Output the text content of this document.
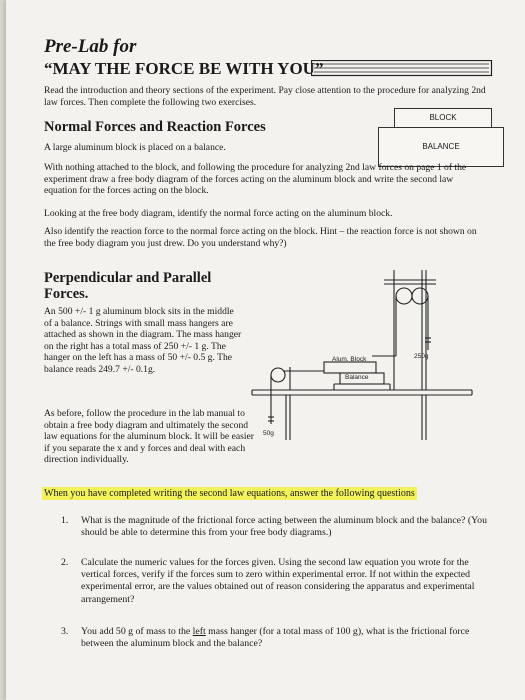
Pre-Lab for
“MAY THE FORCE BE WITH YOU”
Read the introduction and theory sections of the experiment. Pay close attention to the procedure for analyzing 2nd law forces. Then complete the following two exercises.
BLOCK
BALANCE
Normal Forces and Reaction Forces
A large aluminum block is placed on a balance.
With nothing attached to the block, and following the procedure for analyzing 2nd law forces on page 1 of the experiment draw a free body diagram of the forces acting on the aluminum block and write the second law equation for the forces acting on the block.
Looking at the free body diagram, identify the normal force acting on the aluminum block.
Also identify the reaction force to the normal force acting on the block. Hint – the reaction force is not shown on the free body diagram you just drew. Do you understand why?)
Perpendicular and Parallel
Forces.
An 500 +/- 1 g aluminum block sits in the middle of a balance. Strings with small mass hangers are attached as shown in the diagram. The mass hanger on the right has a total mass of 250 +/- 1 g. The hanger on the left has a mass of 50 +/- 0.5 g. The balance reads 249.7 +/- 0.1g.
As before, follow the procedure in the lab manual to obtain a free body diagram and ultimately the second law equations for the aluminum block. It will be easier if you separate the x and y forces and deal with each direction individually.
Alum. Block
Balance
250g
50g
When you have completed writing the second law equations, answer the following questions
1. What is the magnitude of the frictional force acting between the aluminum block and the balance? (You should be able to determine this from your free body diagrams.)
2. Calculate the numeric values for the forces given. Using the second law equation you wrote for the vertical forces, verify if the forces sum to zero within experimental error. If not within the expected experimental error, are the values obtained out of reason considering the apparatus and experimental arrangement?
3. You add 50 g of mass to the left mass hanger (for a total mass of 100 g), what is the frictional force between the aluminum block and the balance?
